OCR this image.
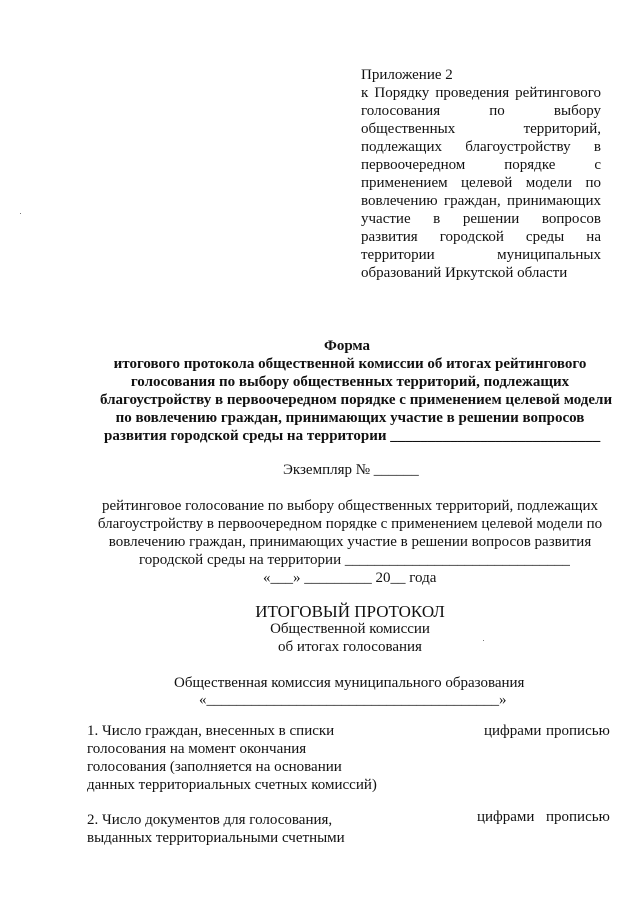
Приложение 2

к Порядку проведения рейтингового

голосования по выбору

общественных территорий,

подлежащих благоустройству в

первоочередном порядке с

применением целевой модели по

вовлечению граждан, принимающих

участие в решении вопросов

развития городской среды на

территории муниципальных

образований Иркутской области

Форма

итогового протокола общественной комиссии об итогах рейтингового

голосования по выбору общественных территорий, подлежащих

благоустройству в первоочередном порядке с применением целевой модели

по вовлечению граждан, принимающих участие в решении вопросов

развития городской среды на территории ____________________________

Экземпляр № ______

рейтинговое голосование по выбору общественных территорий, подлежащих

благоустройству в первоочередном порядке с применением целевой модели по

вовлечению граждан, принимающих участие в решении вопросов развития

городской среды на территории ______________________________

«___» _________ 20__ года

ИТОГОВЫЙ ПРОТОКОЛ

Общественной комиссии

об итогах голосования

Общественная комиссия муниципального образования

«_______________________________________»

1. Число граждан, внесенных в списки

голосования на момент окончания

голосования (заполняется на основании

данных территориальных счетных комиссий)

цифрами прописью

2. Число документов для голосования,

выданных территориальными счетными

цифрами прописью
